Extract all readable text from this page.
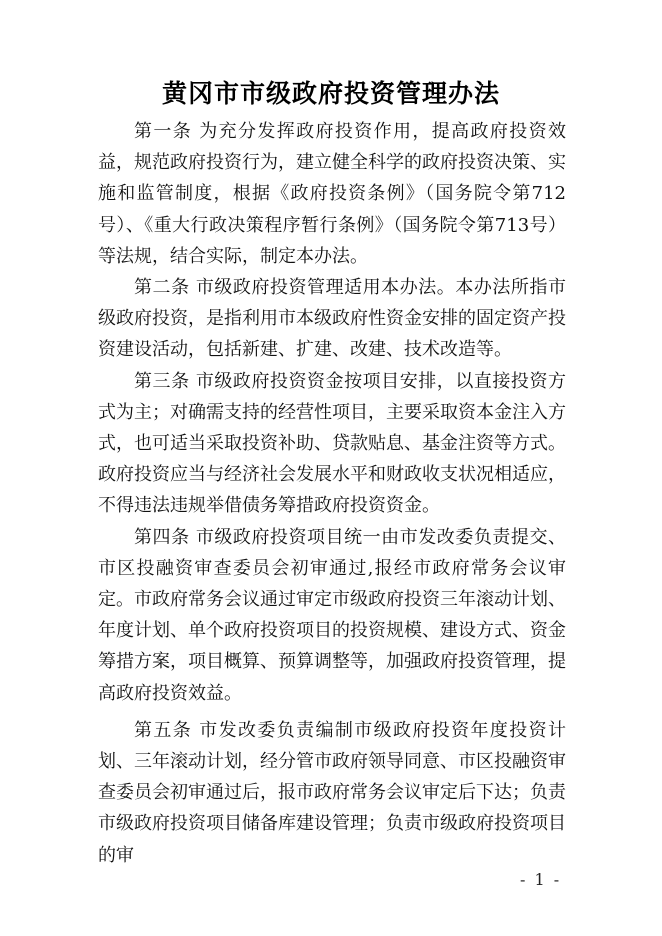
黄冈市市级政府投资管理办法

第一条 为充分发挥政府投资作用，提高政府投资效益，规范政府投资行为，建立健全科学的政府投资决策、实施和监管制度，根据《政府投资条例》（国务院令第712号）、《重大行政决策程序暂行条例》（国务院令第713号）等法规，结合实际，制定本办法。

第二条 市级政府投资管理适用本办法。本办法所指市级政府投资，是指利用市本级政府性资金安排的固定资产投资建设活动，包括新建、扩建、改建、技术改造等。

第三条 市级政府投资资金按项目安排，以直接投资方式为主；对确需支持的经营性项目，主要采取资本金注入方式，也可适当采取投资补助、贷款贴息、基金注资等方式。政府投资应当与经济社会发展水平和财政收支状况相适应，不得违法违规举借债务筹措政府投资资金。

第四条 市级政府投资项目统一由市发改委负责提交、市区投融资审查委员会初审通过,报经市政府常务会议审定。市政府常务会议通过审定市级政府投资三年滚动计划、年度计划、单个政府投资项目的投资规模、建设方式、资金筹措方案，项目概算、预算调整等，加强政府投资管理，提高政府投资效益。

第五条 市发改委负责编制市级政府投资年度投资计划、三年滚动计划，经分管市政府领导同意、市区投融资审查委员会初审通过后，报市政府常务会议审定后下达；负责市级政府投资项目储备库建设管理；负责市级政府投资项目的审

- 1 -
